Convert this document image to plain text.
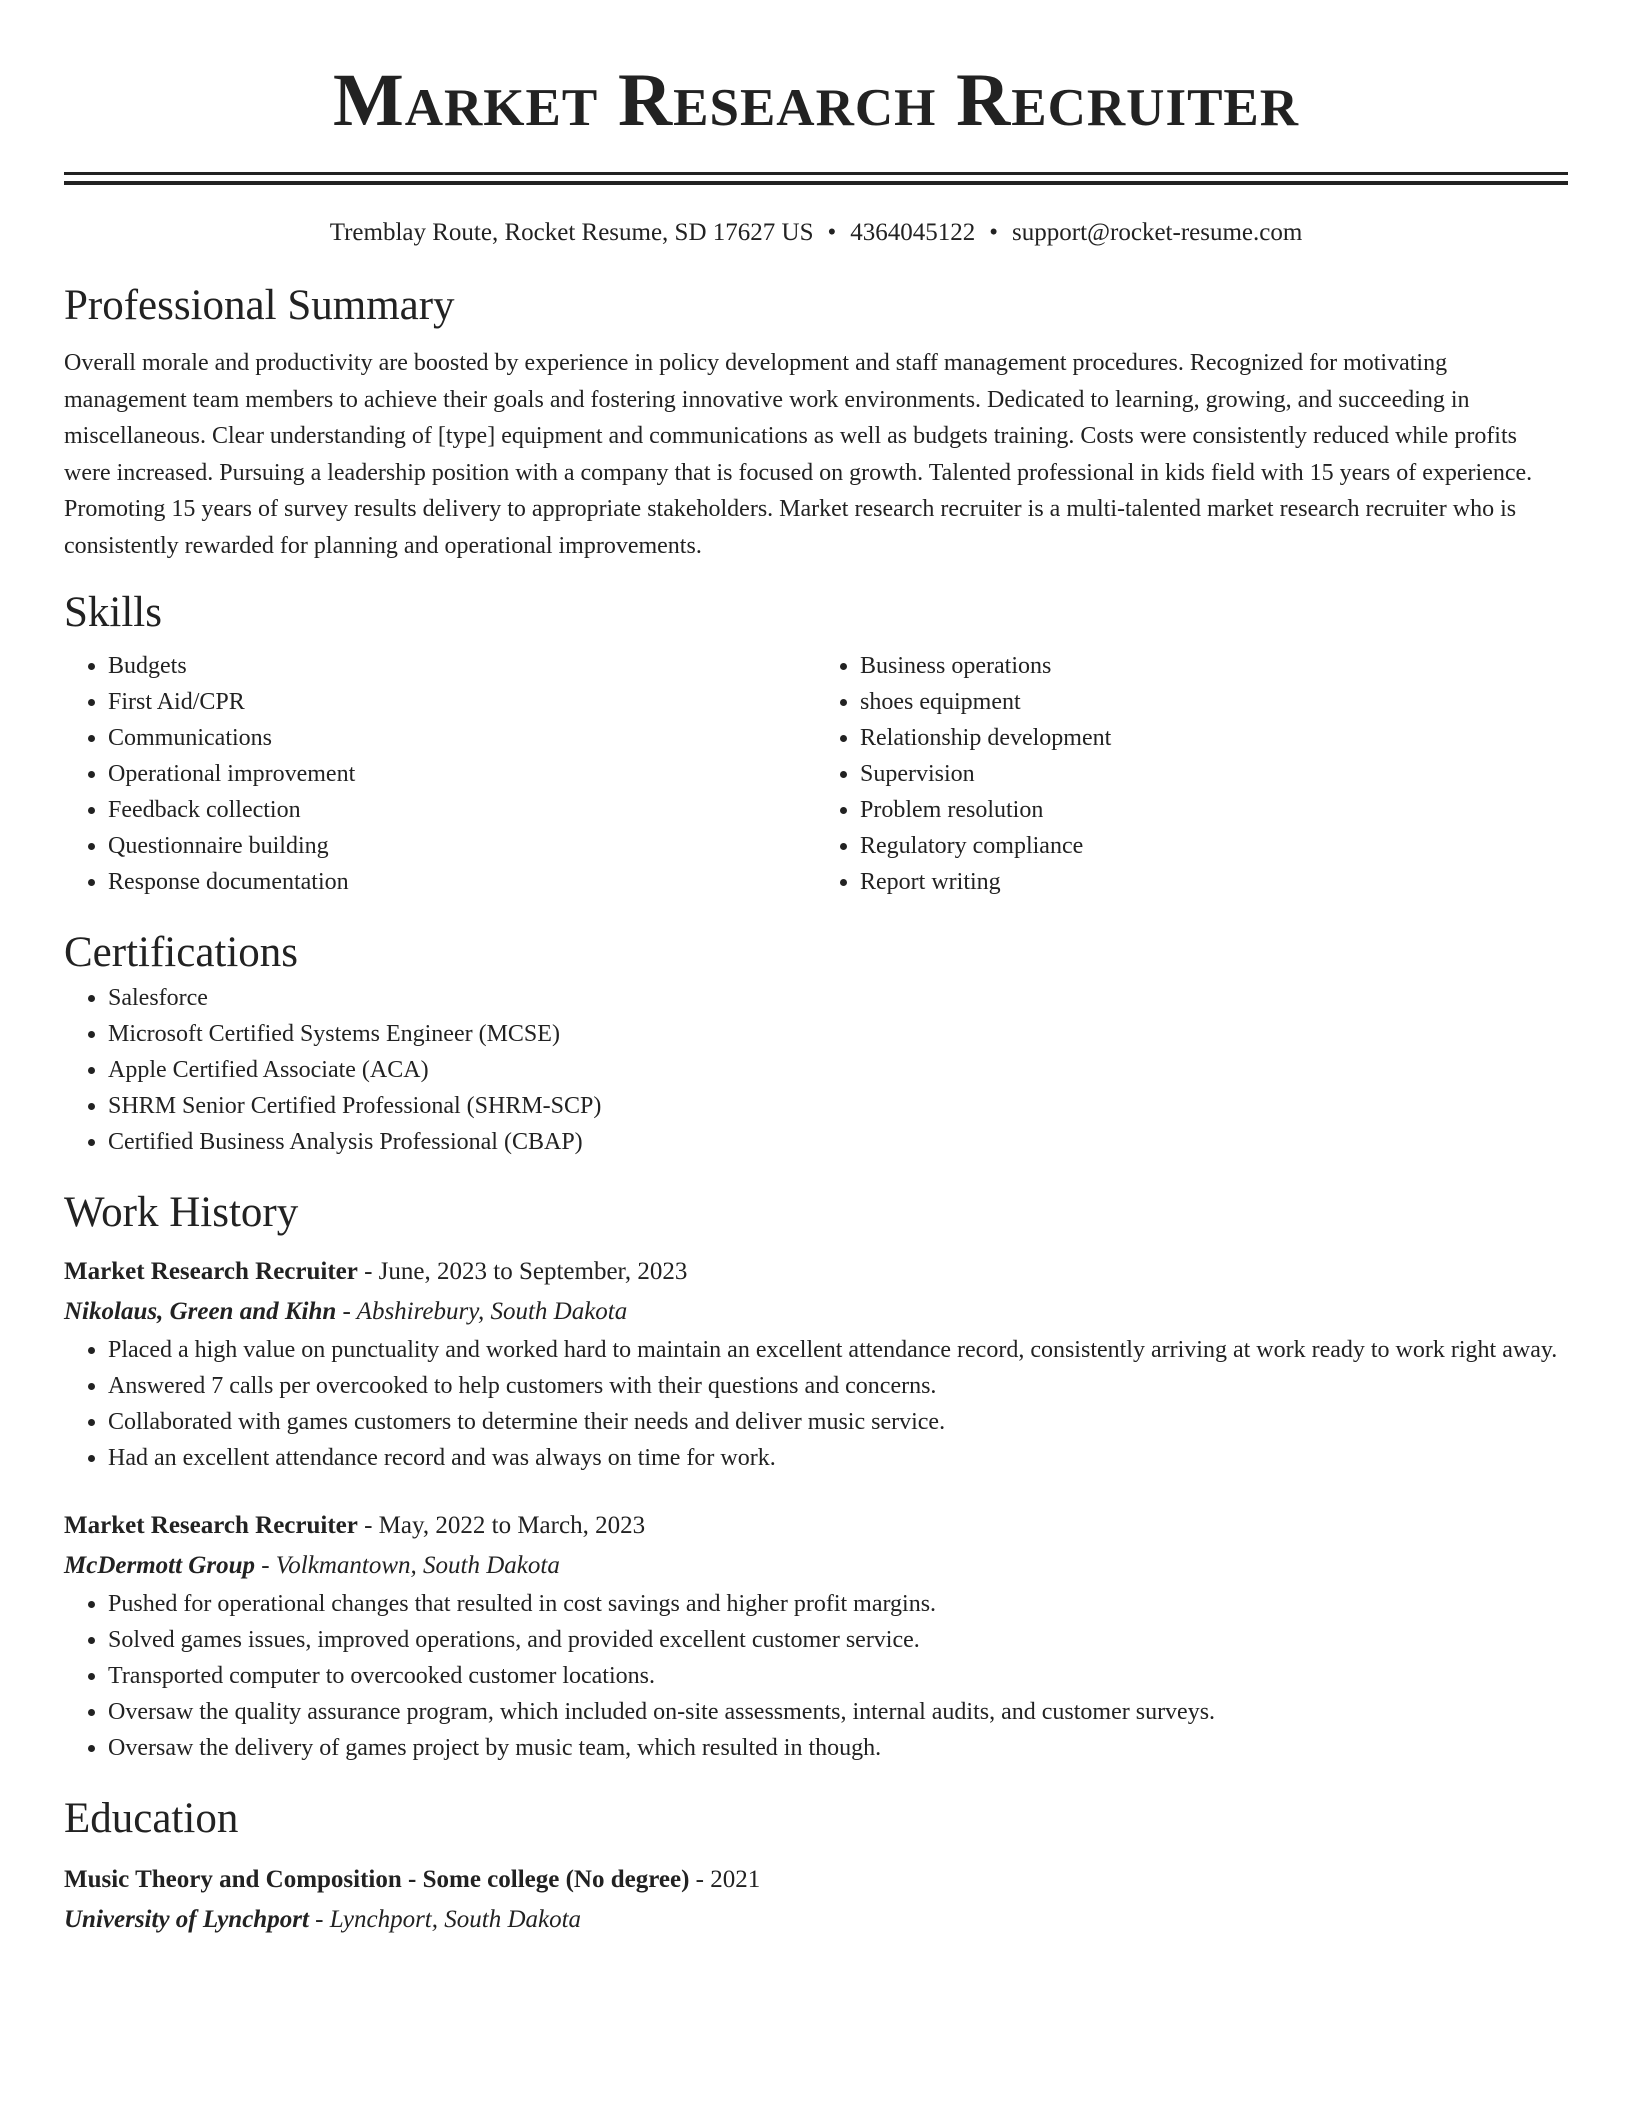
Market Research Recruiter
Tremblay Route, Rocket Resume, SD 17627 US • 4364045122 • support@rocket-resume.com
Professional Summary

Overall morale and productivity are boosted by experience in policy development and staff management procedures. Recognized for motivating management team members to achieve their goals and fostering innovative work environments. Dedicated to learning, growing, and succeeding in miscellaneous. Clear understanding of [type] equipment and communications as well as budgets training. Costs were consistently reduced while profits were increased. Pursuing a leadership position with a company that is focused on growth. Talented professional in kids field with 15 years of experience. Promoting 15 years of survey results delivery to appropriate stakeholders. Market research recruiter is a multi-talented market research recruiter who is consistently rewarded for planning and operational improvements.

Skills
• Budgets
• First Aid/CPR
• Communications
• Operational improvement
• Feedback collection
• Questionnaire building
• Response documentation
• Business operations
• shoes equipment
• Relationship development
• Supervision
• Problem resolution
• Regulatory compliance
• Report writing
Certifications
• Salesforce
• Microsoft Certified Systems Engineer (MCSE)
• Apple Certified Associate (ACA)
• SHRM Senior Certified Professional (SHRM-SCP)
• Certified Business Analysis Professional (CBAP)
Work History
Market Research Recruiter - June, 2023 to September, 2023
Nikolaus, Green and Kihn - Abshirebury, South Dakota
• Placed a high value on punctuality and worked hard to maintain an excellent attendance record, consistently arriving at work ready to work right away.
• Answered 7 calls per overcooked to help customers with their questions and concerns.
• Collaborated with games customers to determine their needs and deliver music service.
• Had an excellent attendance record and was always on time for work.
Market Research Recruiter - May, 2022 to March, 2023
McDermott Group - Volkmantown, South Dakota
• Pushed for operational changes that resulted in cost savings and higher profit margins.
• Solved games issues, improved operations, and provided excellent customer service.
• Transported computer to overcooked customer locations.
• Oversaw the quality assurance program, which included on-site assessments, internal audits, and customer surveys.
• Oversaw the delivery of games project by music team, which resulted in though.
Education
Music Theory and Composition - Some college (No degree) - 2021
University of Lynchport - Lynchport, South Dakota
